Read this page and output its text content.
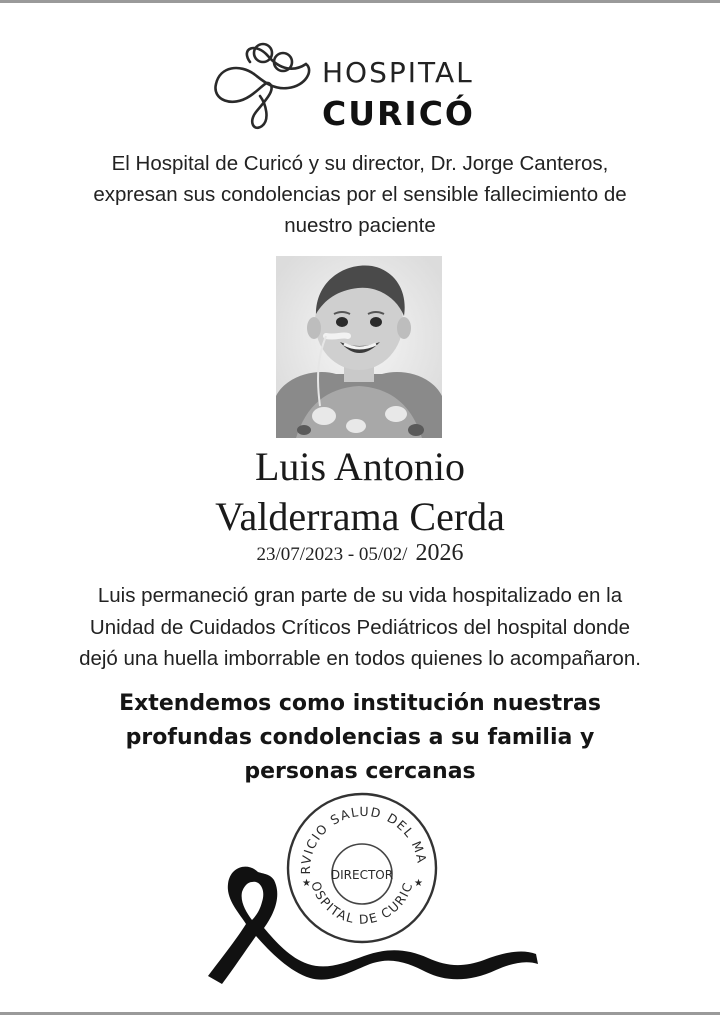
HOSPITAL
CURICÓ
El Hospital de Curicó y su director, Dr. Jorge Canteros,
expresan sus condolencias por el sensible fallecimiento de
nuestro paciente
Luis Antonio
Valderrama Cerda
23/07/2023 - 05/02/ 2026
Luis permaneció gran parte de su vida hospitalizado en la
Unidad de Cuidados Críticos Pediátricos del hospital donde
dejó una huella imborrable en todos quienes lo acompañaron.
Extendemos como institución nuestras
profundas condolencias a su familia y
personas cercanas
RVICIO SALUD DEL MA
OSPITAL DE CURIC
DIRECTOR
★	★
